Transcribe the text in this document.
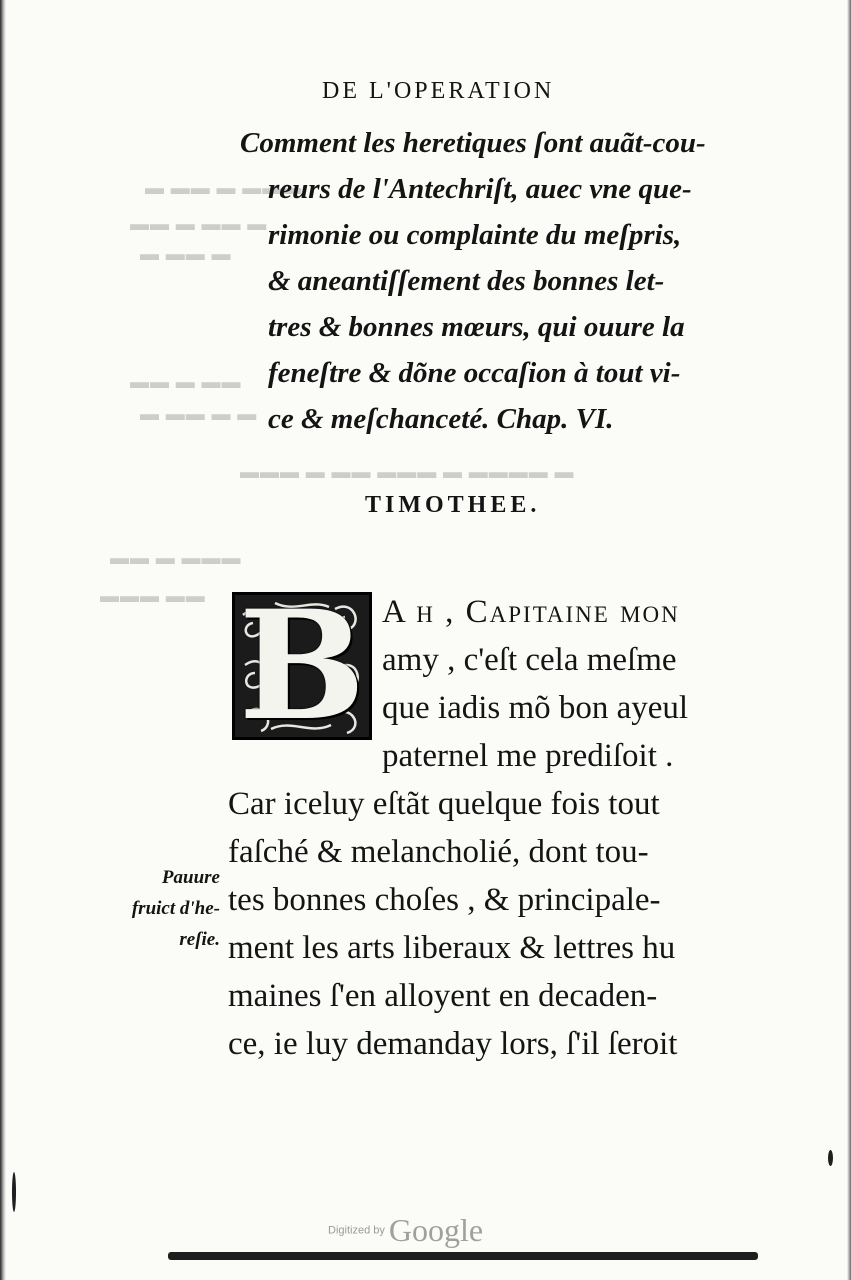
▬ ▬▬ ▬ ▬▬▬
▬▬ ▬ ▬▬ ▬
▬ ▬▬ ▬
▬▬ ▬ ▬▬
▬ ▬▬ ▬ ▬
▬▬▬ ▬ ▬▬ ▬▬▬ ▬ ▬▬▬▬ ▬
▬▬ ▬ ▬▬▬
▬▬▬ ▬▬
DE L'OPERATION
Comment les heretiques ſont auãt-cou-
reurs de l'Antechriſt, auec vne que-
rimonie ou complainte du meſpris,
& aneantiſſement des bonnes let-
tres & bonnes mœurs, qui ouure la
feneſtre & dõne occaſion à tout vi-
ce & meſchanceté. Chap. VI.
TIMOTHEE.
B A h , Capitaine mon
amy , c'eſt cela meſme
que iadis mõ bon ayeul
paternel me prediſoit .
Car iceluy eſtãt quelque fois tout
faſché & melancholié, dont tou-
tes bonnes choſes , & principale-
ment les arts liberaux & lettres hu
maines ſ'en alloyent en decaden-
ce, ie luy demanday lors, ſ'il ſeroit
Pauure
fruict d'he-
reſie.
Digitized by Google
